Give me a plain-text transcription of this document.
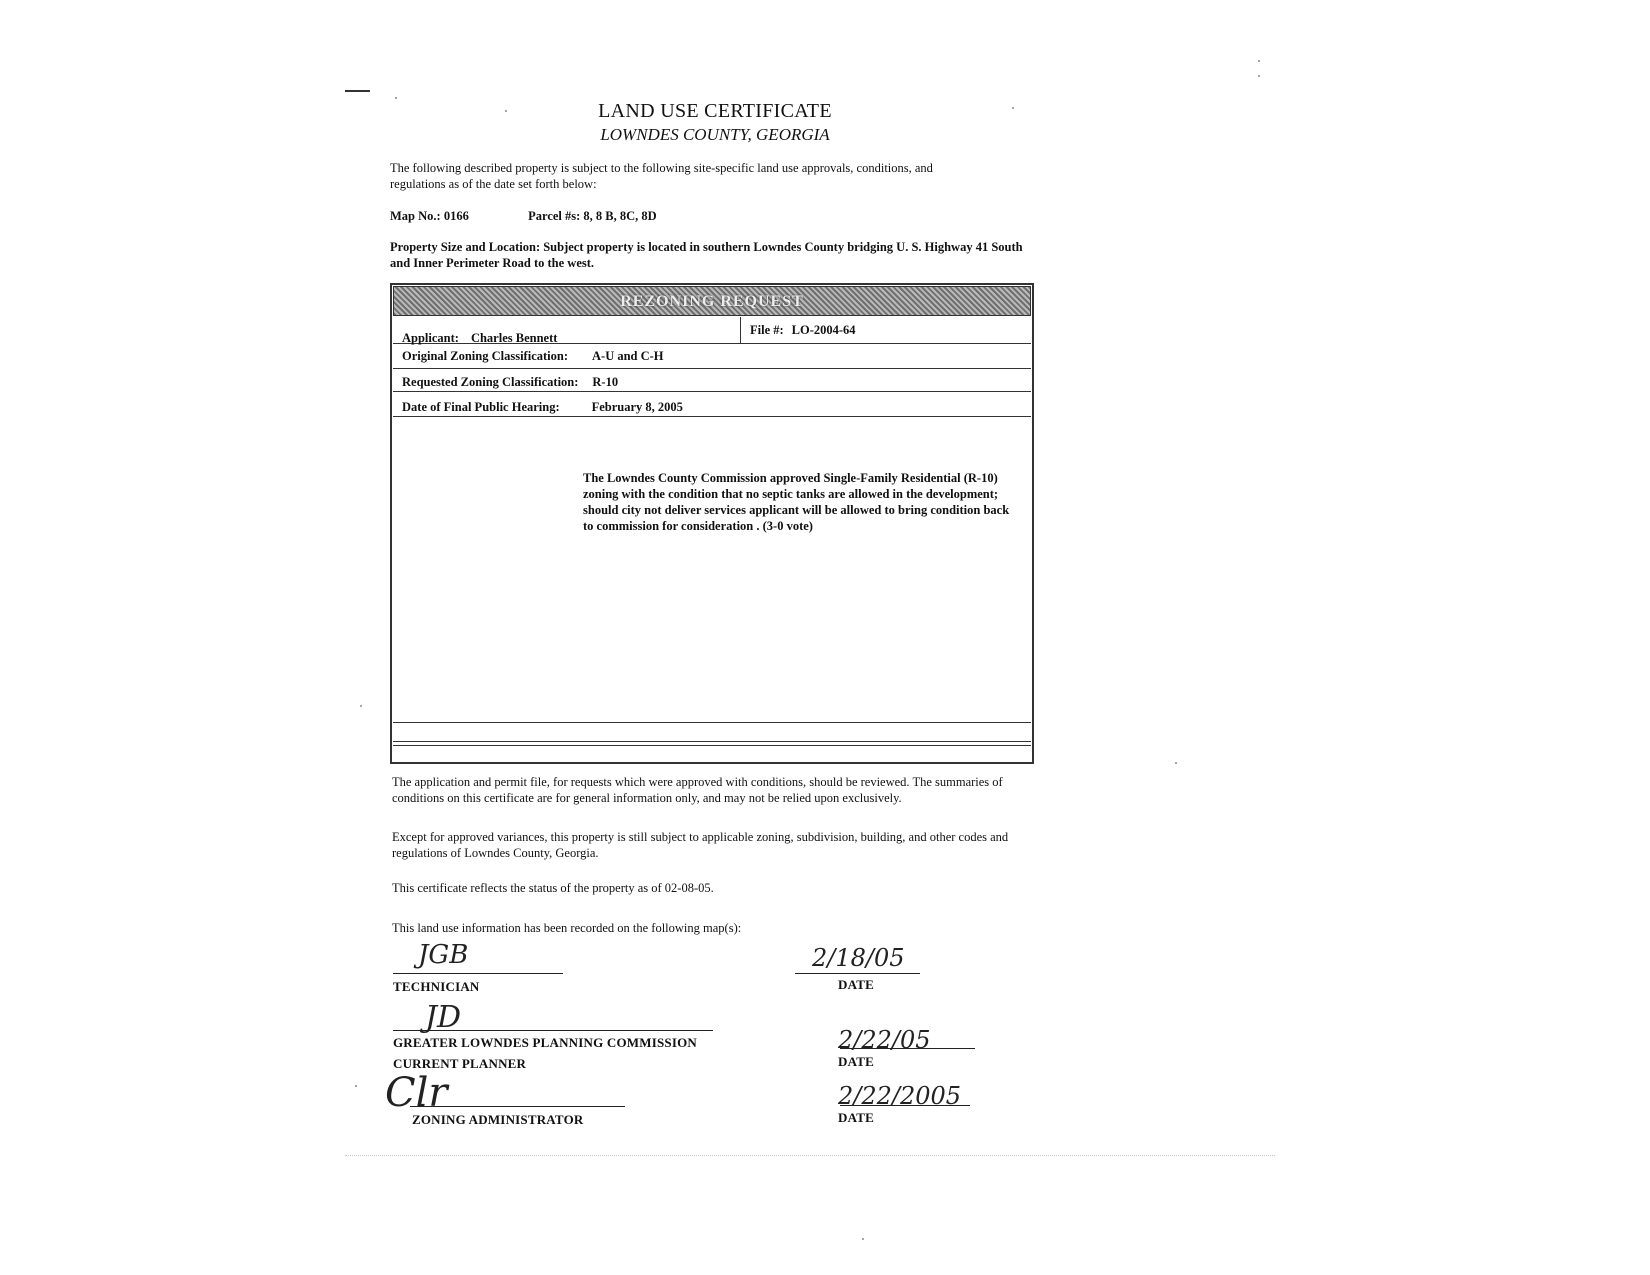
LAND USE CERTIFICATE
LOWNDES COUNTY, GEORGIA
The following described property is subject to the following site-specific land use approvals, conditions, and regulations as of the date set forth below:
Map No.: 0166	Parcel #s: 8, 8 B, 8C, 8D
Property Size and Location: Subject property is located in southern Lowndes County bridging U. S. Highway 41 South and Inner Perimeter Road to the west.
REZONING REQUEST
Applicant: Charles Bennett
File #: LO-2004-64
Original Zoning Classification: A-U and C-H
Requested Zoning Classification: R-10
Date of Final Public Hearing:	February 8, 2005
The Lowndes County Commission approved Single-Family Residential (R-10) zoning with the condition that no septic tanks are allowed in the development; should city not deliver services applicant will be allowed to bring condition back to commission for consideration . (3-0 vote)
The application and permit file, for requests which were approved with conditions, should be reviewed. The summaries of conditions on this certificate are for general information only, and may not be relied upon exclusively.
Except for approved variances, this property is still subject to applicable zoning, subdivision, building, and other codes and regulations of Lowndes County, Georgia.
This certificate reflects the status of the property as of 02-08-05.
This land use information has been recorded on the following map(s):
JGB
TECHNICIAN
2/18/05
DATE
JD
GREATER LOWNDES PLANNING COMMISSION
CURRENT PLANNER
2/22/05
DATE
Clr
ZONING ADMINISTRATOR
2/22/2005
DATE
